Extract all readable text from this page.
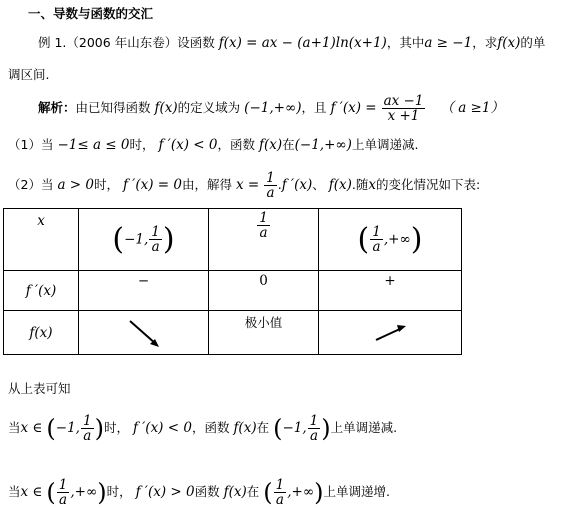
一、导数与函数的交汇
例 1.（2006 年山东卷）设函数 f(x) = ax − (a+1)ln(x+1)，其中a ≥ −1，求f(x)的单
调区间.
解析：由已知得函数 f(x)的定义域为 (−1,+∞)，且 f $'(x) = \frac{ax -1}{x +1}$ （ a ≥1）
（1）当 −1≤ a ≤ 0时， f ′(x) < 0，函数 f(x)在(−1,+∞)上单调递减.
（2）当 a > 0时， f ′(x) = 0由，解得 $x = \frac{1}{a} .f$ ′(x)、 f(x).随x的变化情况如下表:
x	(−1, $\frac{1}{a}$ )	$\frac{1}{a}$	( $\frac{1}{a}$ ,+∞)
f ′(x)	−	0	+
f(x)		极小值	
从上表可知
当x ∈ (−1, $\frac{1}{a}$ )时， f ′(x) < 0，函数 f(x)在 (−1, $\frac{1}{a}$ )上单调递减.
当x ∈ ( $\frac{1}{a}$ ,+∞)时， f ′(x) > 0函数 f(x)在 ( $\frac{1}{a}$ ,+∞)上单调递增.
